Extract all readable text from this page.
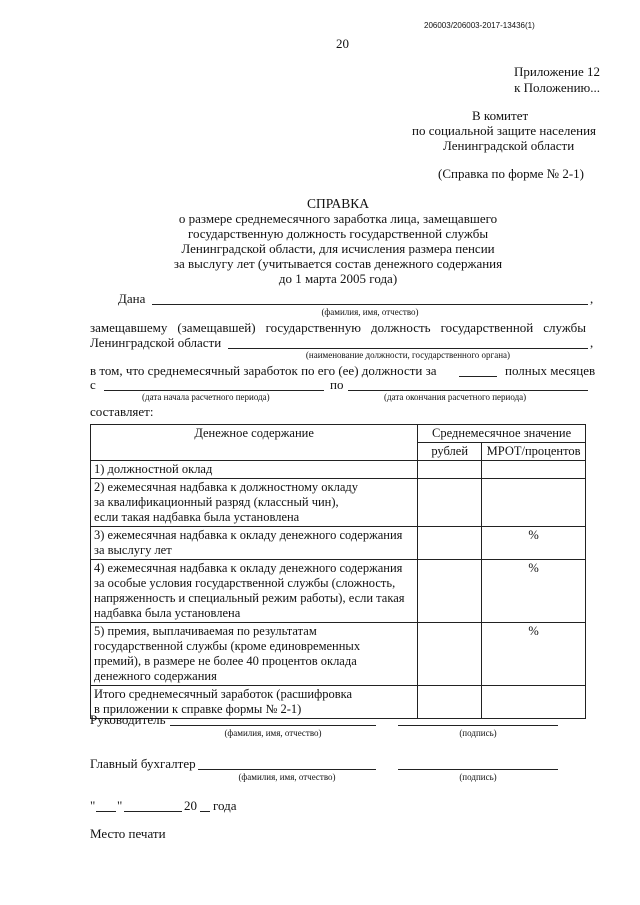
206003/206003-2017-13436(1)
20
Приложение 12
к Положению...
В комитет
по социальной защите населения
Ленинградской области
(Справка по форме № 2-1)
СПРАВКА
о размере среднемесячного заработка лица, замещавшего
государственную должность государственной службы
Ленинградской области, для исчисления размера пенсии
за выслугу лет (учитывается состав денежного содержания
до 1 марта 2005 года)
Дана	,
(фамилия, имя, отчество)
замещавшему (замещавшей) государственную должность государственной службы
Ленинградской области	,
(наименование должности, государственного органа)
в том, что среднемесячный заработок по его (ее) должности за	полных месяцев
с	по
(дата начала расчетного периода)	(дата окончания расчетного периода)
составляет:
Денежное содержание	Среднемесячное значение	
	рублей	МРОТ/процентов

1) должностной оклад		

2) ежемесячная надбавка к должностному окладу
за квалификационный разряд (классный чин),
если такая надбавка была установлена		

3) ежемесячная надбавка к окладу денежного содержания
за выслугу лет		%

4) ежемесячная надбавка к окладу денежного содержания
за особые условия государственной службы (сложность,
напряженность и специальный режим работы), если такая
надбавка была установлена		%

5) премия, выплачиваемая по результатам
государственной службы (кроме единовременных
премий), в размере не более 40 процентов оклада
денежного содержания		%

Итого среднемесячный заработок (расшифровка
в приложении к справке формы № 2-1)		

Руководитель
(фамилия, имя, отчество)	(подпись)
Главный бухгалтер
(фамилия, имя, отчество)	(подпись)
" "	20 года
Место печати
